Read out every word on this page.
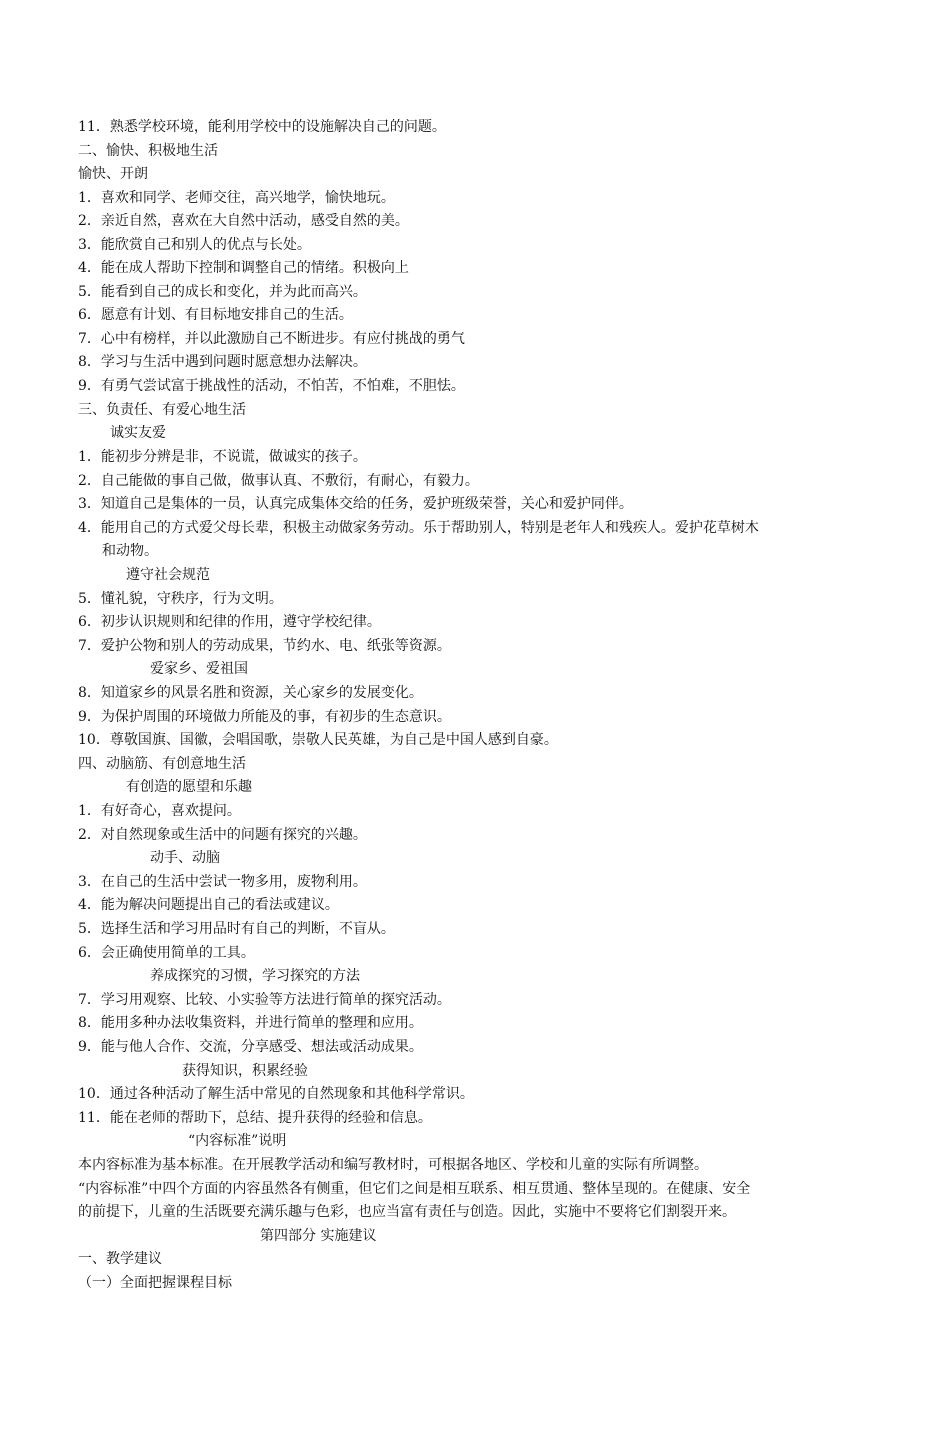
11．熟悉学校环境，能利用学校中的设施解决自己的问题。
二、愉快、积极地生活
愉快、开朗
1．喜欢和同学、老师交往，高兴地学，愉快地玩。
2．亲近自然，喜欢在大自然中活动，感受自然的美。
3．能欣赏自己和别人的优点与长处。
4．能在成人帮助下控制和调整自己的情绪。积极向上
5．能看到自己的成长和变化，并为此而高兴。
6．愿意有计划、有目标地安排自己的生活。
7．心中有榜样，并以此激励自己不断进步。有应付挑战的勇气
8．学习与生活中遇到问题时愿意想办法解决。
9．有勇气尝试富于挑战性的活动，不怕苦，不怕难，不胆怯。
三、负责任、有爱心地生活
诚实友爱
1．能初步分辨是非，不说谎，做诚实的孩子。
2．自己能做的事自己做，做事认真、不敷衍，有耐心，有毅力。
3．知道自己是集体的一员，认真完成集体交给的任务，爱护班级荣誉，关心和爱护同伴。
4．能用自己的方式爱父母长辈，积极主动做家务劳动。乐于帮助别人，特别是老年人和残疾人。爱护花草树木
和动物。
遵守社会规范
5．懂礼貌，守秩序，行为文明。
6．初步认识规则和纪律的作用，遵守学校纪律。
7．爱护公物和别人的劳动成果，节约水、电、纸张等资源。
爱家乡、爱祖国
8．知道家乡的风景名胜和资源，关心家乡的发展变化。
9．为保护周围的环境做力所能及的事，有初步的生态意识。
10．尊敬国旗、国徽，会唱国歌，崇敬人民英雄，为自己是中国人感到自豪。
四、动脑筋、有创意地生活
有创造的愿望和乐趣
1．有好奇心，喜欢提问。
2．对自然现象或生活中的问题有探究的兴趣。
动手、动脑
3．在自己的生活中尝试一物多用，废物利用。
4．能为解决问题提出自己的看法或建议。
5．选择生活和学习用品时有自己的判断，不盲从。
6．会正确使用简单的工具。
养成探究的习惯，学习探究的方法
7．学习用观察、比较、小实验等方法进行简单的探究活动。
8．能用多种办法收集资料，并进行简单的整理和应用。
9．能与他人合作、交流，分享感受、想法或活动成果。
获得知识，积累经验
10．通过各种活动了解生活中常见的自然现象和其他科学常识。
11．能在老师的帮助下，总结、提升获得的经验和信息。
“内容标准”说明
本内容标准为基本标准。在开展教学活动和编写教材时，可根据各地区、学校和儿童的实际有所调整。
“内容标准”中四个方面的内容虽然各有侧重，但它们之间是相互联系、相互贯通、整体呈现的。在健康、安全
的前提下，儿童的生活既要充满乐趣与色彩，也应当富有责任与创造。因此，实施中不要将它们割裂开来。
第四部分 实施建议
一、教学建议
（一）全面把握课程目标
